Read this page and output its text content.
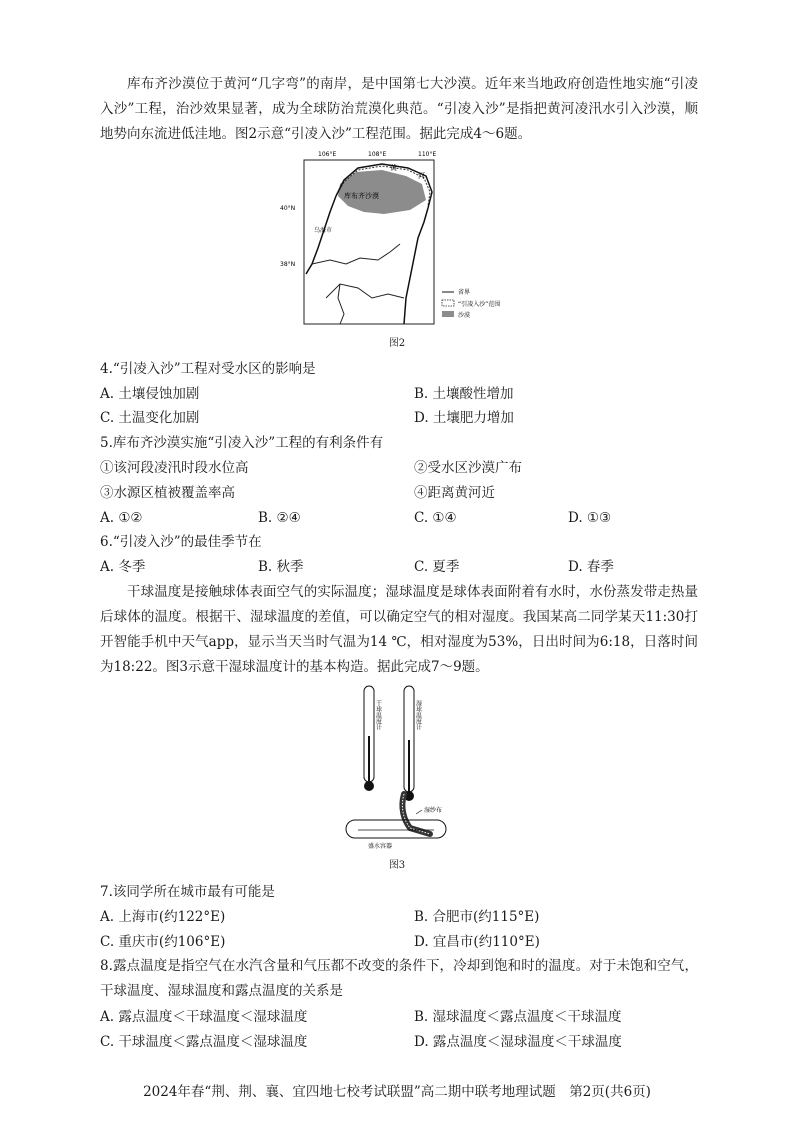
库布齐沙漠位于黄河“几字弯”的南岸，是中国第七大沙漠。近年来当地政府创造性地实施“引凌入沙”工程，治沙效果显著，成为全球防治荒漠化典范。“引凌入沙”是指把黄河凌汛水引入沙漠，顺地势向东流进低洼地。图2示意“引凌入沙”工程范围。据此完成4～6题。

106°E	108°E	110°E
40°N
38°N
黄
河
库布齐沙漠
乌海市
省界
“引凌入沙”范围
沙漠
图2
4.“引凌入沙”工程对受水区的影响是
A. 土壤侵蚀加剧	B. 土壤酸性增加
C. 土温变化加剧	D. 土壤肥力增加
5.库布齐沙漠实施“引凌入沙”工程的有利条件有
①该河段凌汛时段水位高	②受水区沙漠广布
③水源区植被覆盖率高	④距离黄河近
A. ①②	B. ②④	C. ①④	D. ①③
6.“引凌入沙”的最佳季节在
A. 冬季	B. 秋季	C. 夏季	D. 春季

干球温度是接触球体表面空气的实际温度；湿球温度是球体表面附着有水时，水份蒸发带走热量后球体的温度。根据干、湿球温度的差值，可以确定空气的相对湿度。我国某高二同学某天11:30打开智能手机中天气app，显示当天当时气温为14 ℃，相对湿度为53%，日出时间为6:18，日落时间为18:22。图3示意干湿球温度计的基本构造。据此完成7～9题。

干球温度计	湿球温度计
湿纱布
盛水容器
图3
7.该同学所在城市最有可能是
A. 上海市(约122°E)	B. 合肥市(约115°E)
C. 重庆市(约106°E)	D. 宜昌市(约110°E)

8.露点温度是指空气在水汽含量和气压都不改变的条件下，冷却到饱和时的温度。对于未饱和空气，干球温度、湿球温度和露点温度的关系是

A. 露点温度＜干球温度＜湿球温度	B. 湿球温度＜露点温度＜干球温度
C. 干球温度＜露点温度＜湿球温度	D. 露点温度＜湿球温度＜干球温度
2024年春“荆、荆、襄、宜四地七校考试联盟”高二期中联考地理试题　第2页(共6页)
